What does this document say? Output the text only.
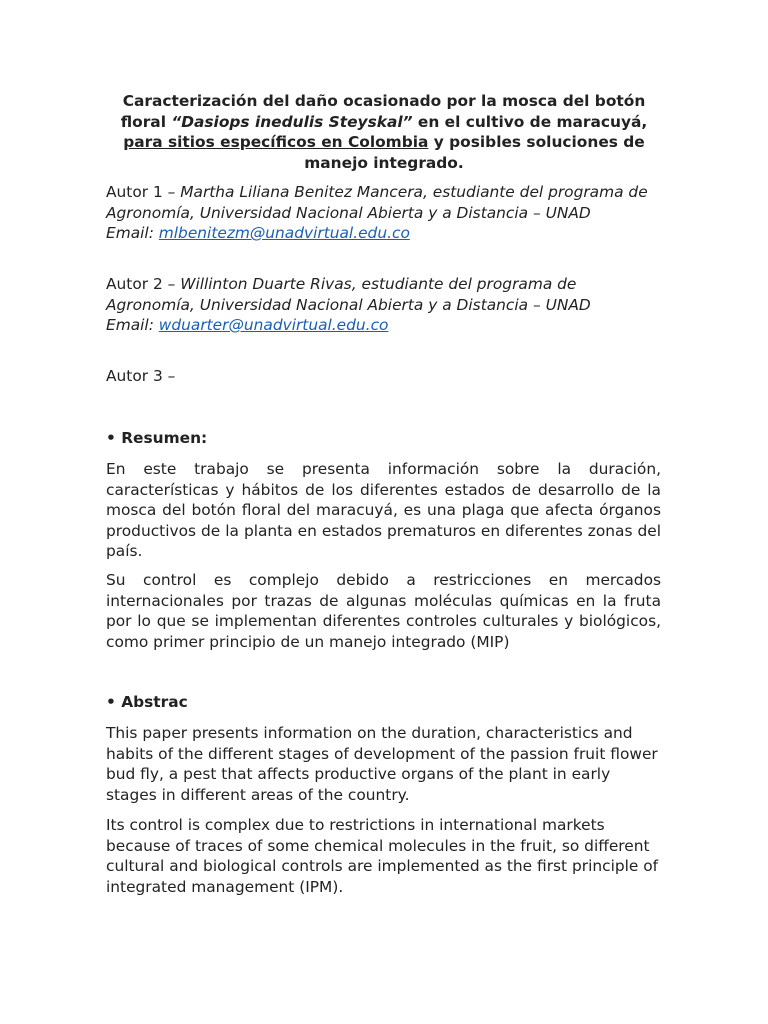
Caracterización del daño ocasionado por la mosca del botón floral “Dasiops inedulis Steyskal” en el cultivo de maracuyá, para sitios específicos en Colombia y posibles soluciones de manejo integrado.
Autor 1 – Martha Liliana Benitez Mancera, estudiante del programa de Agronomía, Universidad Nacional Abierta y a Distancia – UNAD
Email: mlbenitezm@unadvirtual.edu.co
Autor 2 – Willinton Duarte Rivas, estudiante del programa de Agronomía, Universidad Nacional Abierta y a Distancia – UNAD
Email: wduarter@unadvirtual.edu.co
Autor 3 –
• Resumen:
En este trabajo se presenta información sobre la duración, características y hábitos de los diferentes estados de desarrollo de la mosca del botón floral del maracuyá, es una plaga que afecta órganos productivos de la planta en estados prematuros en diferentes zonas del país.
Su control es complejo debido a restricciones en mercados internacionales por trazas de algunas moléculas químicas en la fruta por lo que se implementan diferentes controles culturales y biológicos, como primer principio de un manejo integrado (MIP)
• Abstrac
This paper presents information on the duration, characteristics and habits of the different stages of development of the passion fruit flower bud fly, a pest that affects productive organs of the plant in early stages in different areas of the country.
Its control is complex due to restrictions in international markets because of traces of some chemical molecules in the fruit, so different cultural and biological controls are implemented as the first principle of integrated management (IPM).
